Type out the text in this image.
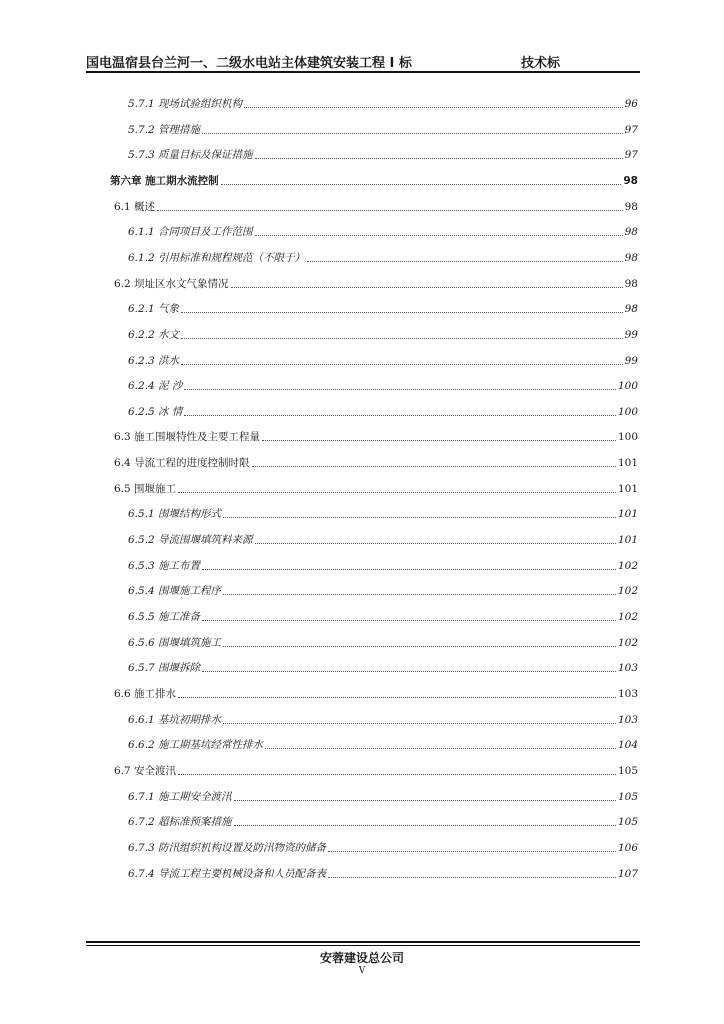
国电温宿县台兰河一、二级水电站主体建筑安装工程 I 标	技术标
5.7.1 现场试验组织机构	96
5.7.2 管理措施	97
5.7.3 质量目标及保证措施	97
第六章 施工期水流控制	98
6.1 概述	98
6.1.1 合同项目及工作范围	98
6.1.2 引用标准和规程规范（不限于）	98
6.2 坝址区水文气象情况	98
6.2.1 气象	98
6.2.2 水文	99
6.2.3 洪水	99
6.2.4 泥 沙	100
6.2.5 冰 情	100
6.3 施工围堰特性及主要工程量	100
6.4 导流工程的进度控制时限	101
6.5 围堰施工	101
6.5.1 围堰结构形式	101
6.5.2 导流围堰填筑料来源	101
6.5.3 施工布置	102
6.5.4 围堰施工程序	102
6.5.5 施工准备	102
6.5.6 围堰填筑施工	102
6.5.7 围堰拆除	103
6.6 施工排水	103
6.6.1 基坑初期排水	103
6.6.2 施工期基坑经常性排水	104
6.7 安全渡汛	105
6.7.1 施工期安全渡汛	105
6.7.2 超标准预案措施	105
6.7.3 防汛组织机构设置及防汛物资的储备	106
6.7.4 导流工程主要机械设备和人员配备表	107
安蓉建设总公司
V
